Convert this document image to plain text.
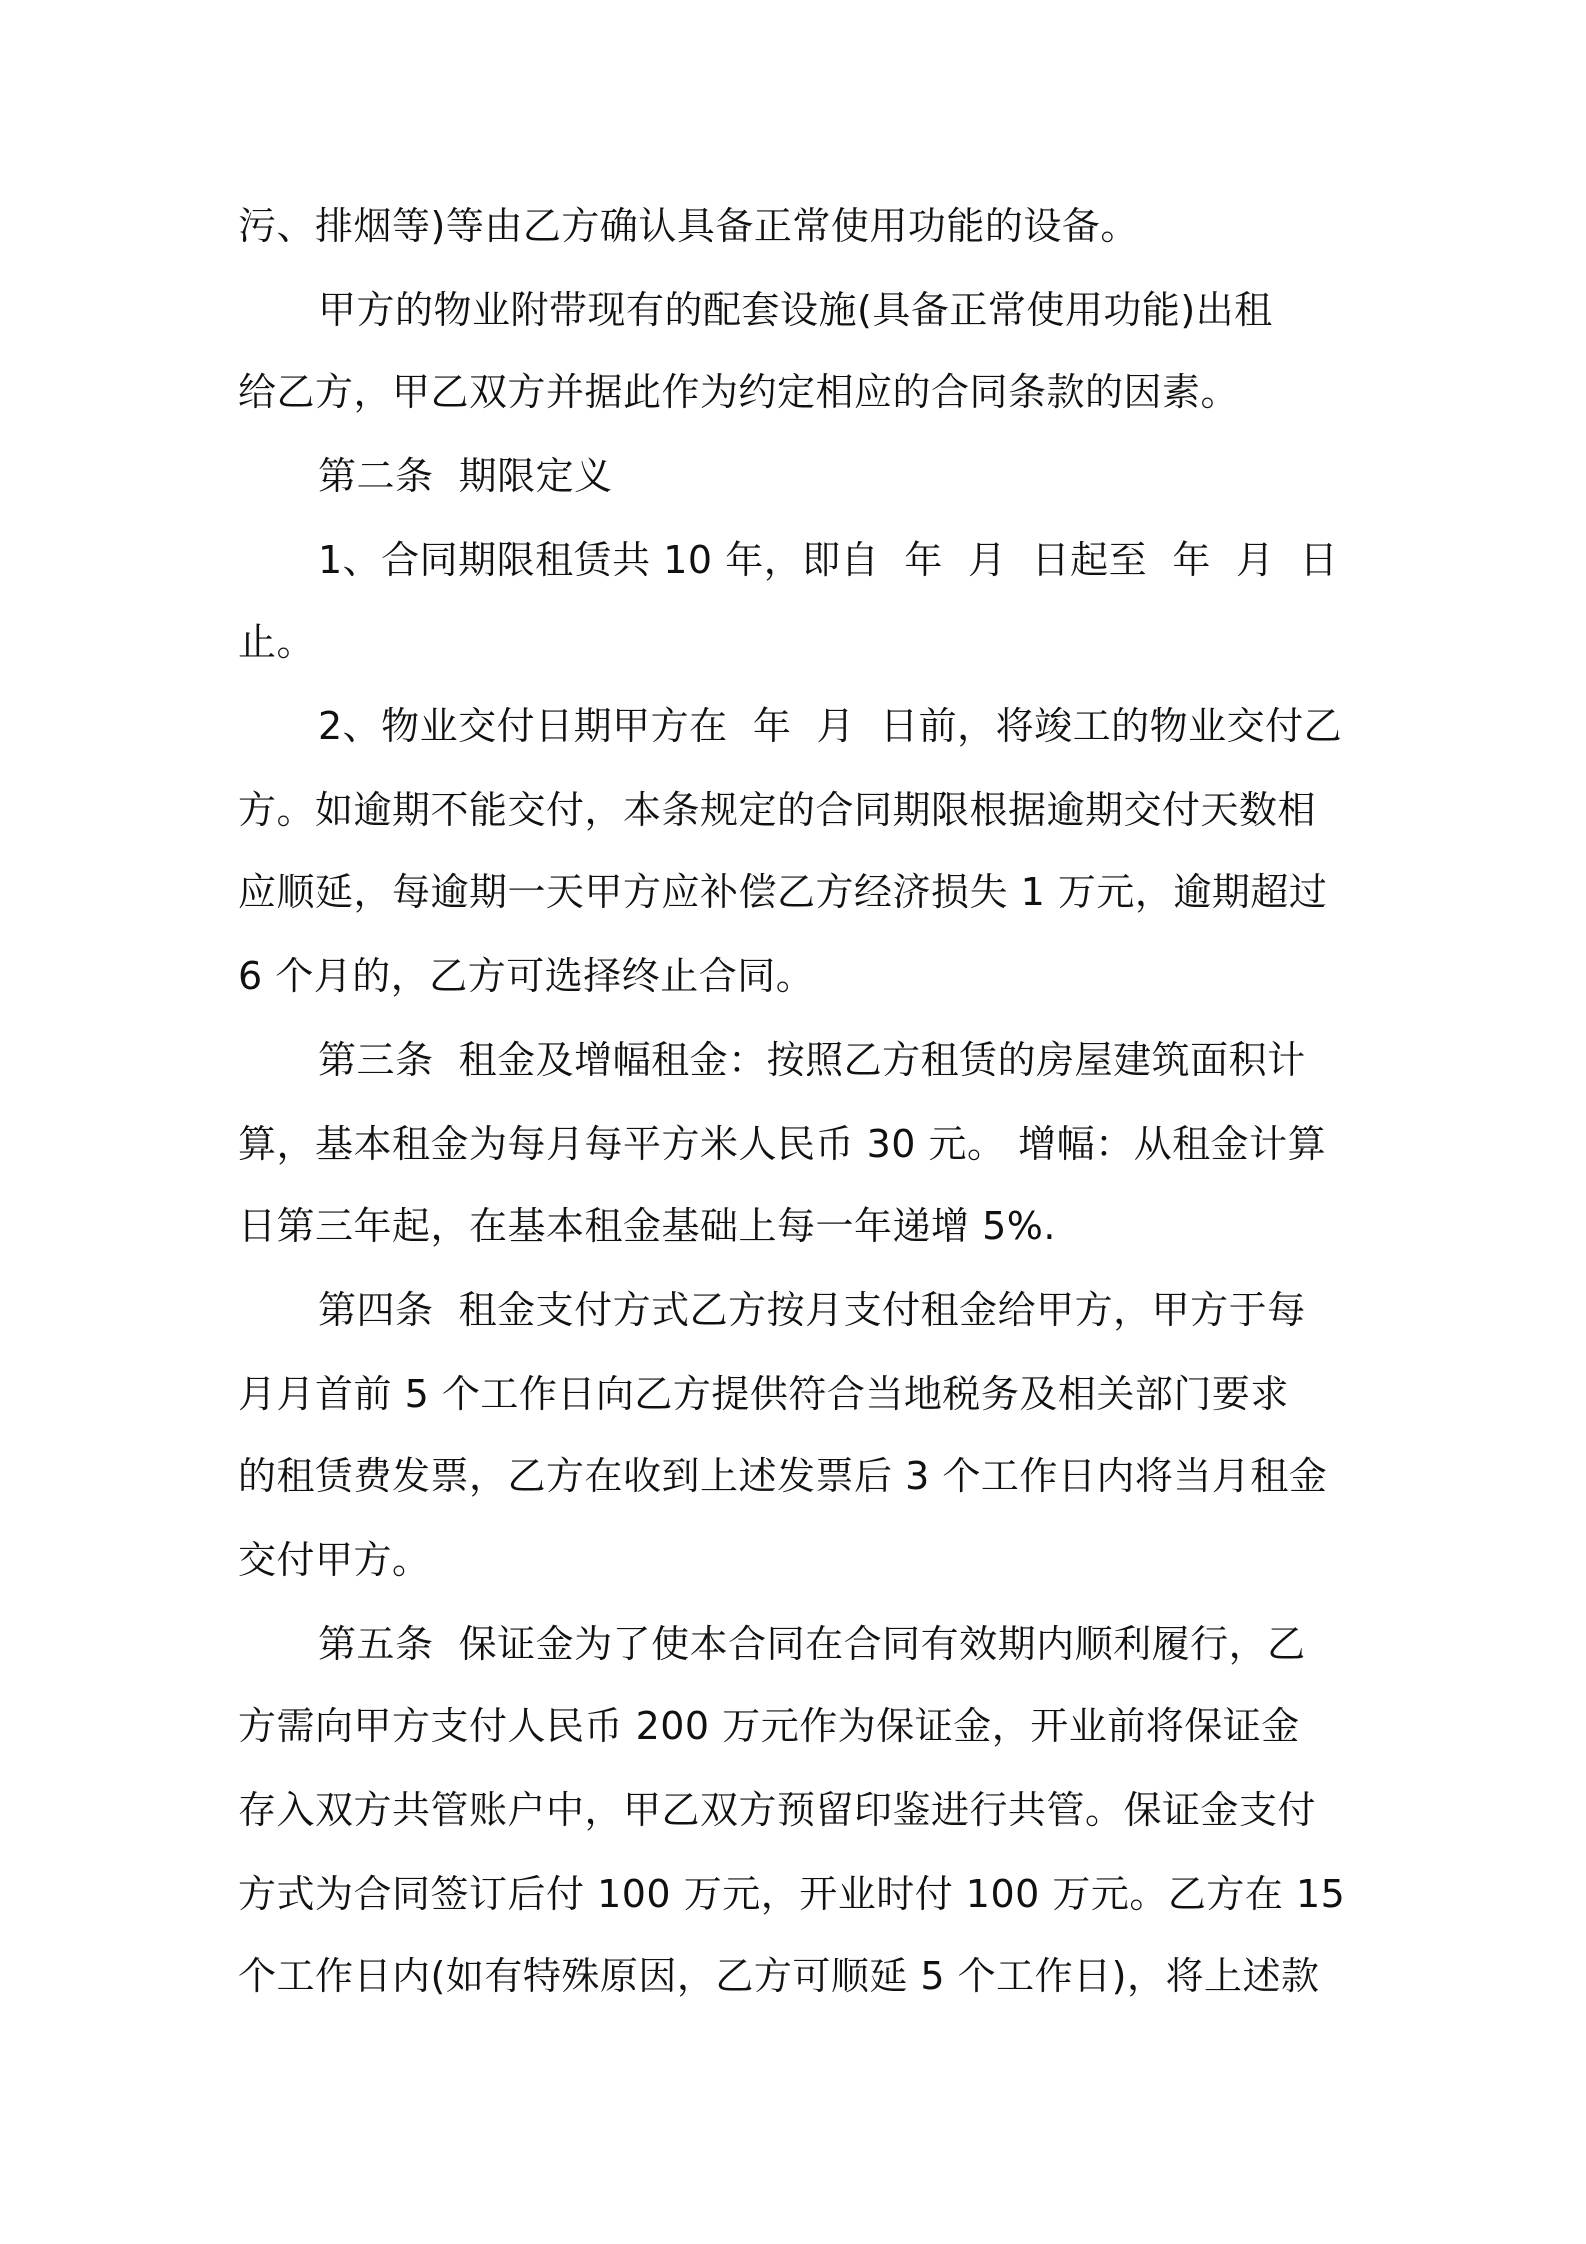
污、排烟等)等由乙方确认具备正常使用功能的设备。
甲方的物业附带现有的配套设施(具备正常使用功能)出租
给乙方，甲乙双方并据此作为约定相应的合同条款的因素。
第二条  期限定义
1、合同期限租赁共 10 年，即自  年  月  日起至  年  月  日
止。
2、物业交付日期甲方在  年  月  日前，将竣工的物业交付乙
方。如逾期不能交付，本条规定的合同期限根据逾期交付天数相
应顺延，每逾期一天甲方应补偿乙方经济损失 1 万元，逾期超过
6 个月的，乙方可选择终止合同。
第三条  租金及增幅租金：按照乙方租赁的房屋建筑面积计
算，基本租金为每月每平方米人民币 30 元。 增幅：从租金计算
日第三年起，在基本租金基础上每一年递增 5%.
第四条  租金支付方式乙方按月支付租金给甲方，甲方于每
月月首前 5 个工作日向乙方提供符合当地税务及相关部门要求
的租赁费发票，乙方在收到上述发票后 3 个工作日内将当月租金
交付甲方。
第五条  保证金为了使本合同在合同有效期内顺利履行，乙
方需向甲方支付人民币 200 万元作为保证金，开业前将保证金
存入双方共管账户中，甲乙双方预留印鉴进行共管。保证金支付
方式为合同签订后付 100 万元，开业时付 100 万元。乙方在 15
个工作日内(如有特殊原因，乙方可顺延 5 个工作日)，将上述款
